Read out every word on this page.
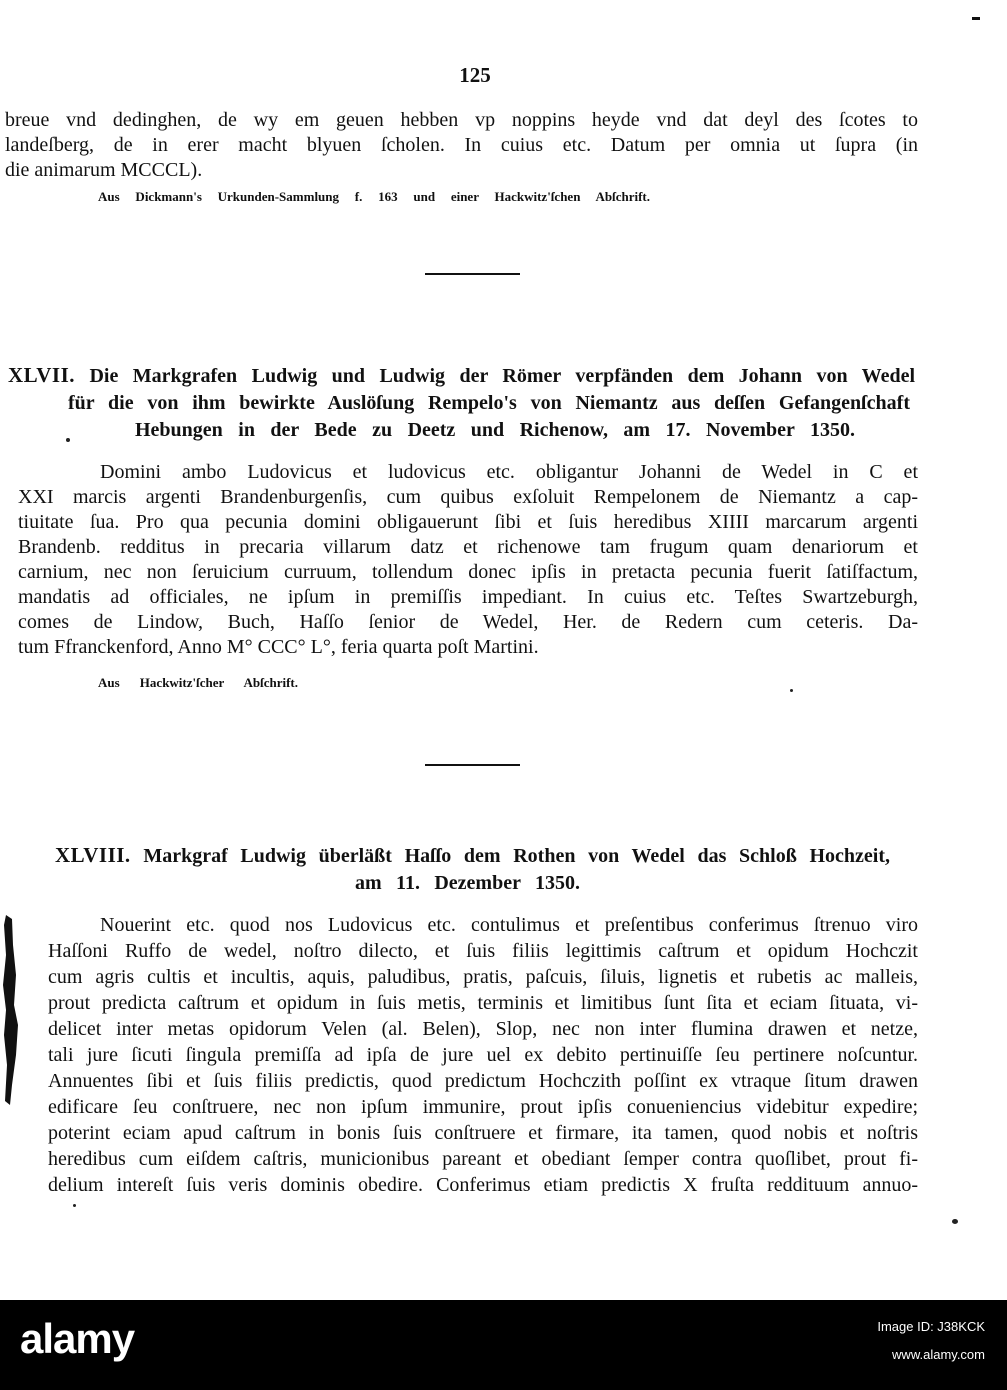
125
breue vnd dedinghen, de wy em geuen hebben vp noppins heyde vnd dat deyl des ſcotes to
landeſberg, de in erer macht blyuen ſcholen. In cuius etc. Datum per omnia ut ſupra (in
die animarum MCCCL).
Aus Dickmann's Urkunden-Sammlung f. 163 und einer Hackwitz'ſchen Abſchrift.
XLVII. Die Markgrafen Ludwig und Ludwig der Römer verpfänden dem Johann von Wedel
für die von ihm bewirkte Auslöſung Rempelo's von Niemantz aus deſſen Gefangenſchaft
Hebungen in der Bede zu Deetz und Richenow, am 17. November 1350.
Domini ambo Ludovicus et ludovicus etc. obligantur Johanni de Wedel in C et
XXI marcis argenti Brandenburgenſis, cum quibus exſoluit Rempelonem de Niemantz a cap-
tiuitate ſua. Pro qua pecunia domini obligauerunt ſibi et ſuis heredibus XIIII marcarum argenti
Brandenb. redditus in precaria villarum datz et richenowe tam frugum quam denariorum et
carnium, nec non ſeruicium curruum, tollendum donec ipſis in pretacta pecunia fuerit ſatiſfactum,
mandatis ad officiales, ne ipſum in premiſſis impediant. In cuius etc. Teſtes Swartzeburgh,
comes de Lindow, Buch, Haſſo ſenior de Wedel, Her. de Redern cum ceteris. Da-
tum Ffranckenford, Anno M° CCC° L°, feria quarta poſt Martini.
Aus Hackwitz'ſcher Abſchrift.
XLVIII. Markgraf Ludwig überläßt Haſſo dem Rothen von Wedel das Schloß Hochzeit,
am 11. Dezember 1350.
Nouerint etc. quod nos Ludovicus etc. contulimus et preſentibus conferimus ſtrenuo viro
Haſſoni Ruffo de wedel, noſtro dilecto, et ſuis filiis legittimis caſtrum et opidum Hochczit
cum agris cultis et incultis, aquis, paludibus, pratis, paſcuis, ſiluis, lignetis et rubetis ac malleis,
prout predicta caſtrum et opidum in ſuis metis, terminis et limitibus ſunt ſita et eciam ſituata, vi-
delicet inter metas opidorum Velen (al. Belen), Slop, nec non inter flumina drawen et netze,
tali jure ſicuti ſingula premiſſa ad ipſa de jure uel ex debito pertinuiſſe ſeu pertinere noſcuntur.
Annuentes ſibi et ſuis filiis predictis, quod predictum Hochczith poſſint ex vtraque ſitum drawen
edificare ſeu conſtruere, nec non ipſum immunire, prout ipſis conueniencius videbitur expedire;
poterint eciam apud caſtrum in bonis ſuis conſtruere et firmare, ita tamen, quod nobis et noſtris
heredibus cum eiſdem caſtris, municionibus pareant et obediant ſemper contra quoſlibet, prout fi-
delium intereſt ſuis veris dominis obedire. Conferimus etiam predictis X fruſta reddituum annuo-
alamy	Image ID: J38KCK
www.alamy.com
